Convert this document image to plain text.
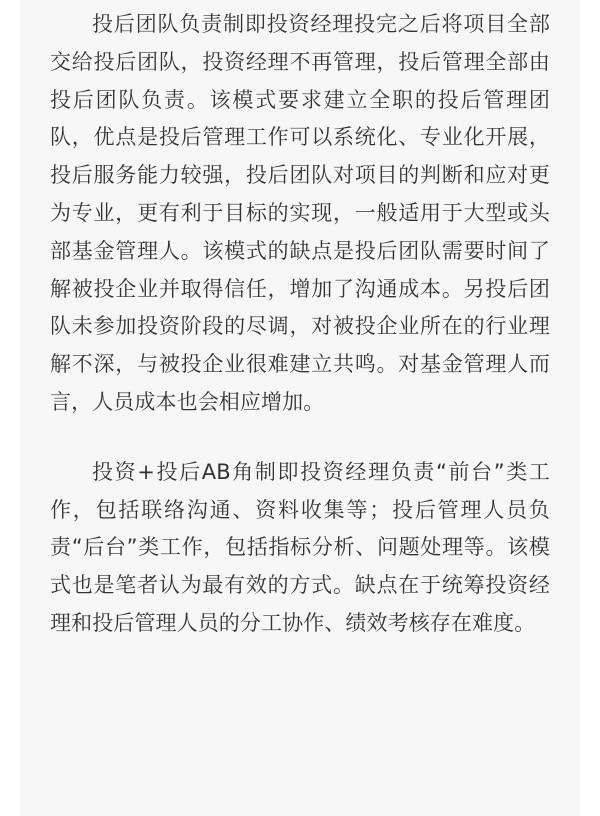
投后团队负责制即投资经理投完之后将项目全部交给投后团队，投资经理不再管理，投后管理全部由投后团队负责。该模式要求建立全职的投后管理团队，优点是投后管理工作可以系统化、专业化开展，投后服务能力较强，投后团队对项目的判断和应对更为专业，更有利于目标的实现，一般适用于大型或头部基金管理人。该模式的缺点是投后团队需要时间了解被投企业并取得信任，增加了沟通成本。另投后团队未参加投资阶段的尽调，对被投企业所在的行业理解不深，与被投企业很难建立共鸣。对基金管理人而言，人员成本也会相应增加。

投资+投后AB角制即投资经理负责“前台”类工作，包括联络沟通、资料收集等；投后管理人员负责“后台”类工作，包括指标分析、问题处理等。该模式也是笔者认为最有效的方式。缺点在于统筹投资经理和投后管理人员的分工协作、绩效考核存在难度。
